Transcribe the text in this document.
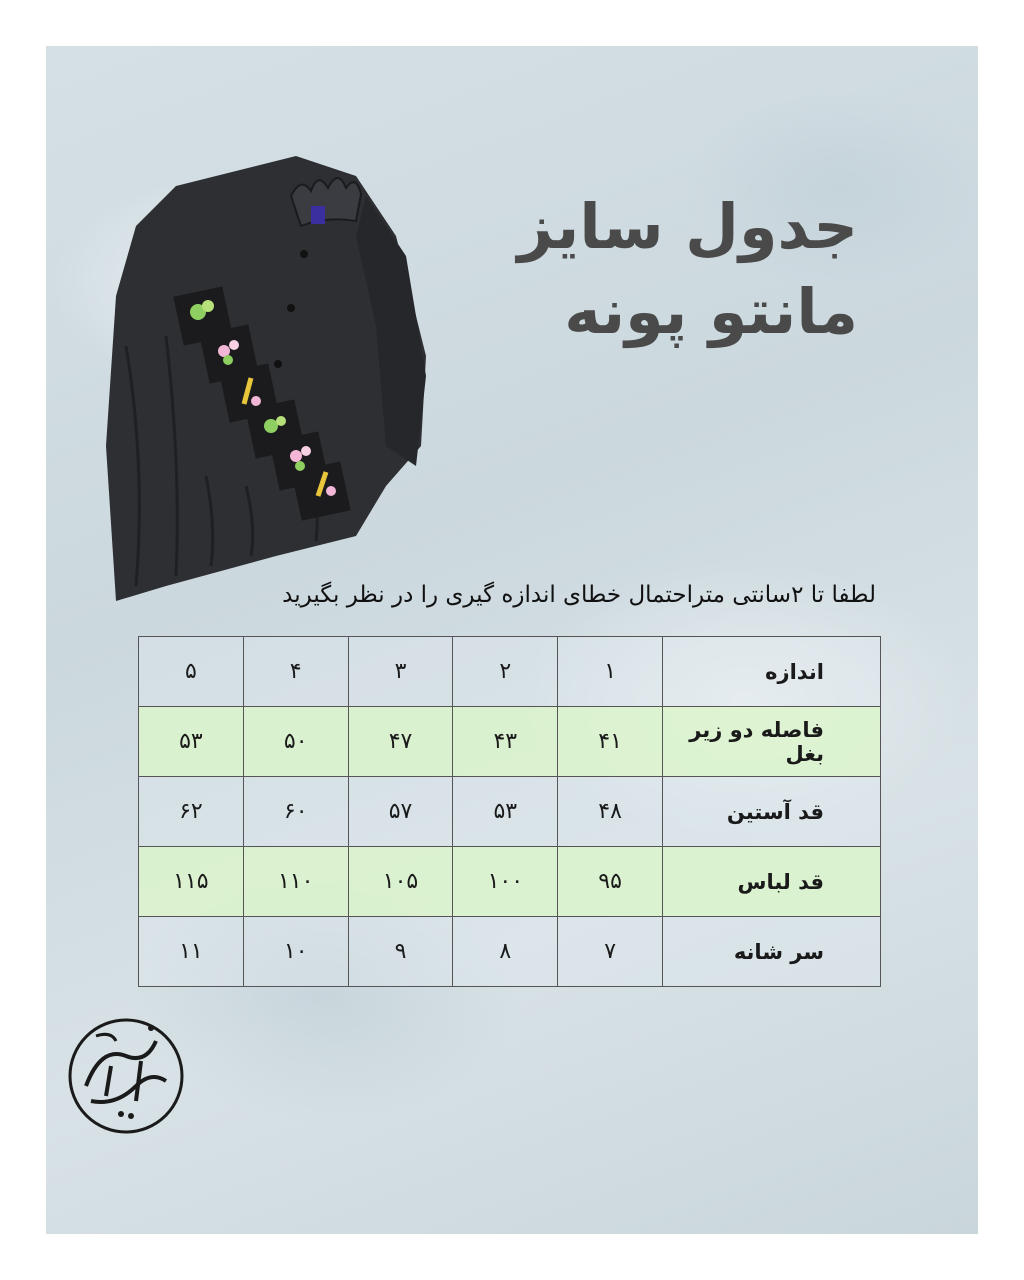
جدول سایز
مانتو پونه
لطفا تا ۲سانتی متراحتمال خطای اندازه گیری را در نظر بگیرید
اندازه	۱	۲	۳	۴	۵
فاصله دو زیر بغل	۴۱	۴۳	۴۷	۵۰	۵۳
قد آستین	۴۸	۵۳	۵۷	۶۰	۶۲
قد لباس	۹۵	۱۰۰	۱۰۵	۱۱۰	۱۱۵
سر شانه	۷	۸	۹	۱۰	۱۱
